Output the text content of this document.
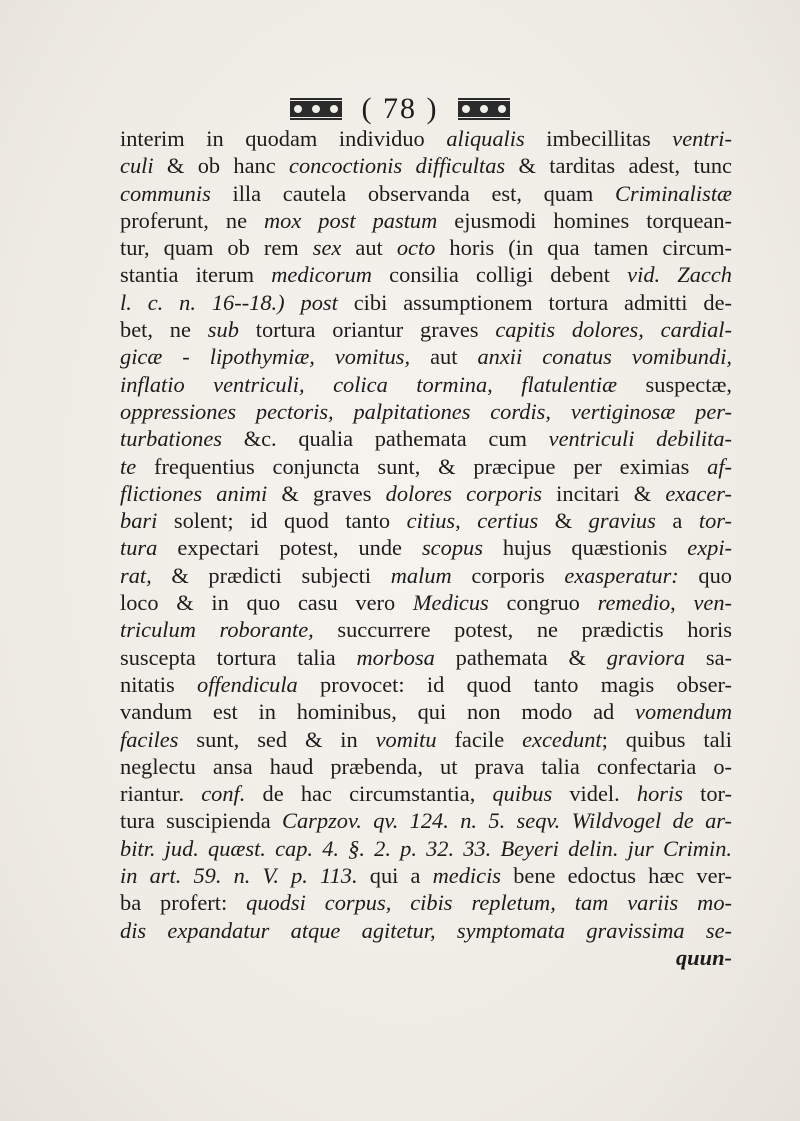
( 78 )
interim in quodam individuo aliqualis imbecillitas ventri-
culi & ob hanc concoctionis difficultas & tarditas adest, tunc
communis illa cautela observanda est, quam Criminalistæ
proferunt, ne mox post pastum ejusmodi homines torquean-
tur, quam ob rem sex aut octo horis (in qua tamen circum-
stantia iterum medicorum consilia colligi debent vid. Zacch
l. c. n. 16--18.) post cibi assumptionem tortura admitti de-
bet, ne sub tortura oriantur graves capitis dolores, cardial-
gicæ - lipothymiæ, vomitus, aut anxii conatus vomibundi,
inflatio ventriculi, colica tormina, flatulentiæ suspectæ,
oppressiones pectoris, palpitationes cordis, vertiginosæ per-
turbationes &c. qualia pathemata cum ventriculi debilita-
te frequentius conjuncta sunt, & præcipue per eximias af-
flictiones animi & graves dolores corporis incitari & exacer-
bari solent; id quod tanto citius, certius & gravius a tor-
tura expectari potest, unde scopus hujus quæstionis expi-
rat, & prædicti subjecti malum corporis exasperatur: quo
loco & in quo casu vero Medicus congruo remedio, ven-
triculum roborante, succurrere potest, ne prædictis horis
suscepta tortura talia morbosa pathemata & graviora sa-
nitatis offendicula provocet: id quod tanto magis obser-
vandum est in hominibus, qui non modo ad vomendum
faciles sunt, sed & in vomitu facile excedunt; quibus tali
neglectu ansa haud præbenda, ut prava talia confectaria o-
riantur. conf. de hac circumstantia, quibus videl. horis tor-
tura suscipienda Carpzov. qv. 124. n. 5. seqv. Wildvogel de ar-
bitr. jud. quæst. cap. 4. §. 2. p. 32. 33. Beyeri delin. jur Crimin.
in art. 59. n. V. p. 113. qui a medicis bene edoctus hæc ver-
ba profert: quodsi corpus, cibis repletum, tam variis mo-
dis expandatur atque agitetur, symptomata gravissima se-
quun-
